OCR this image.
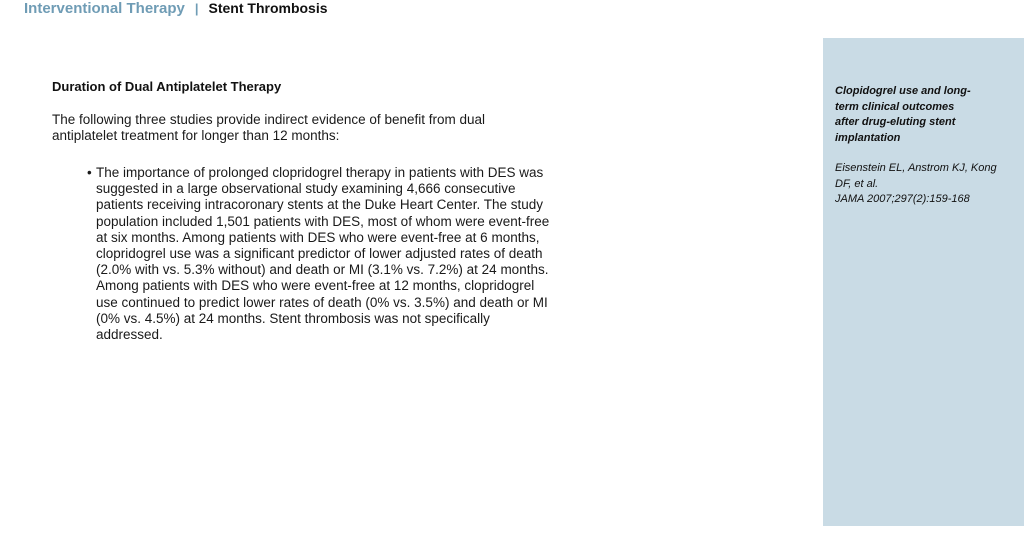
Interventional Therapy | Stent Thrombosis
Duration of Dual Antiplatelet Therapy

The following three studies provide indirect evidence of benefit from dual antiplatelet treatment for longer than 12 months:

• The importance of prolonged clopridogrel therapy in patients with DES was suggested in a large observational study examining 4,666 consecutive patients receiving intracoronary stents at the Duke Heart Center. The study population included 1,501 patients with DES, most of whom were event-free at six months. Among patients with DES who were event-free at 6 months, clopridogrel use was a significant predictor of lower adjusted rates of death (2.0% with vs. 5.3% without) and death or MI (3.1% vs. 7.2%) at 24 months. Among patients with DES who were event-free at 12 months, clopridogrel use continued to predict lower rates of death (0% vs. 3.5%) and death or MI (0% vs. 4.5%) at 24 months. Stent thrombosis was not specifically addressed.

Clopidogrel use and long-term clinical outcomes after drug-eluting stent implantation

Eisenstein EL, Anstrom KJ, Kong DF, et al.
JAMA 2007;297(2):159-168
